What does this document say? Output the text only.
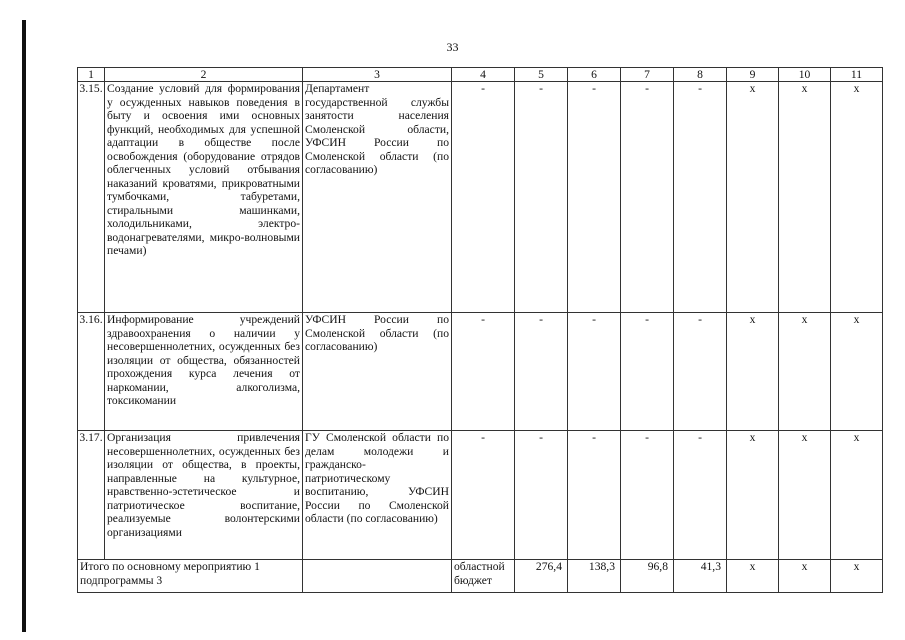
33
1	2	3	4	5	6	7	8	9	10	11
3.15.	Создание условий для формирования у осужденных навыков поведения в быту и освоения ими основных функций, необходимых для успешной адаптации в обществе после освобождения (оборудование отрядов облегченных условий отбывания наказаний кроватями, прикроватными тумбочками, табуретами, стиральными машинками, холодильниками, электро-водонагревателями, микро-волновыми печами)	Департамент государственной службы занятости населения Смоленской области, УФСИН России по Смоленской области (по согласованию)	-	-	-	-	-	х	х	х
3.16.	Информирование учреждений здравоохранения о наличии у несовершеннолетних, осужденных без изоляции от общества, обязанностей прохождения курса лечения от наркомании, алкоголизма, токсикомании	УФСИН России по Смоленской области (по согласованию)	-	-	-	-	-	х	х	х
3.17.	Организация привлечения несовершеннолетних, осужденных без изоляции от общества, в проекты, направленные на культурное, нравственно-эстетическое и патриотическое воспитание, реализуемые волонтерскими организациями	ГУ Смоленской области по делам молодежи и гражданско-патриотическому воспитанию, УФСИН России по Смоленской области (по согласованию)	-	-	-	-	-	х	х	х
Итого по основному мероприятию 1 подпрограммы 3			областной бюджет	276,4	138,3	96,8	41,3	х	х	х
